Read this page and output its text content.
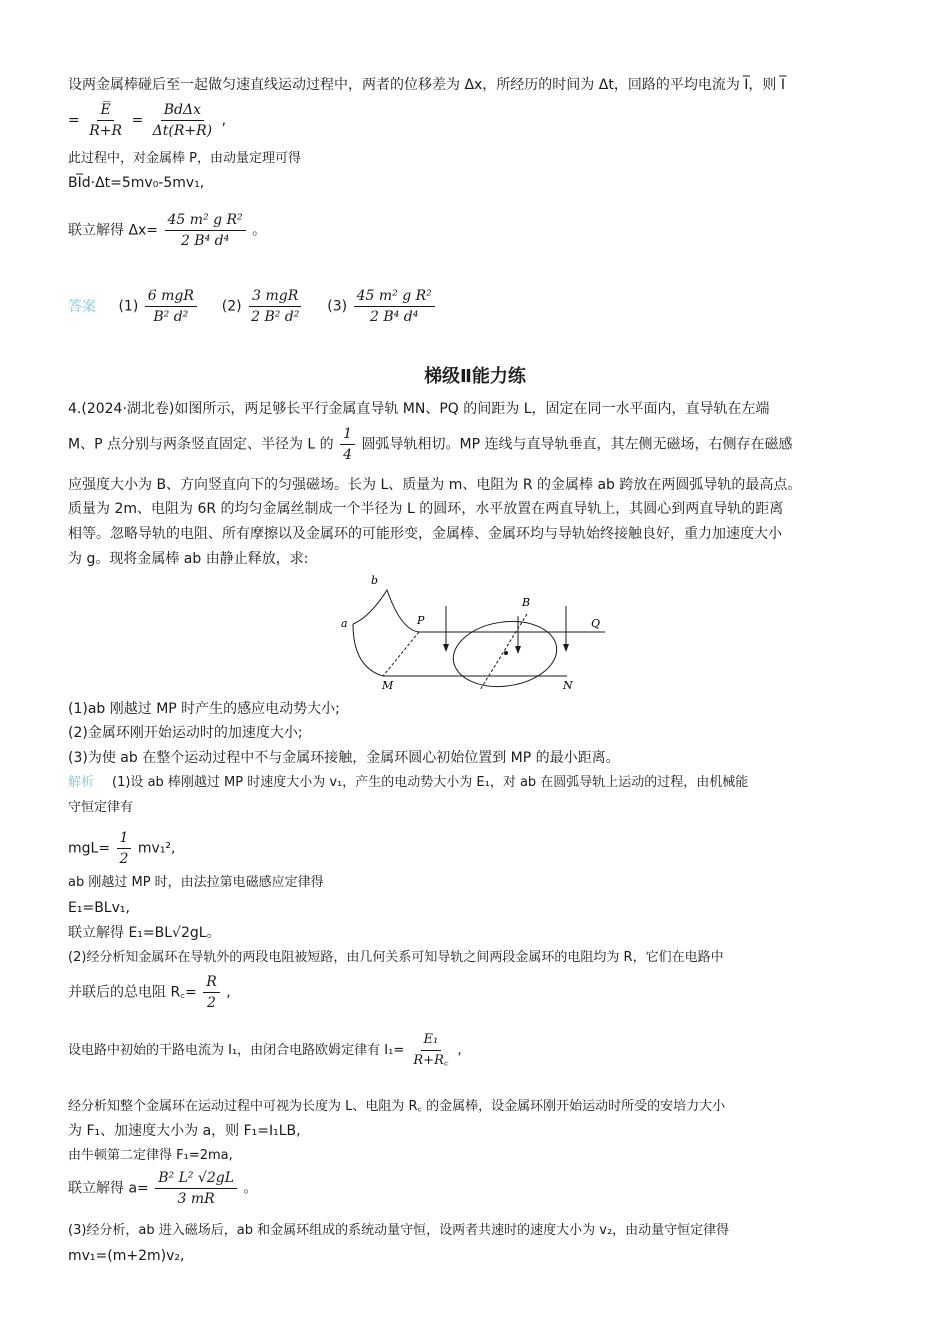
设两金属棒碰后至一起做匀速直线运动过程中，两者的位移差为 Δx，所经历的时间为 Δt，回路的平均电流为 I̅，则 I̅
= $\frac{E̅}{R+R} = \frac{\text{BdΔx}}{\Delta t(R+R)}$ ,
此过程中，对金属棒 P，由动量定理可得
BI̅d·Δt=5mv₀-5mv₁,
联立解得 $\Delta x= \frac{\text{45 m² g R²}}{\text{2 B⁴ d⁴}}$ 。
答案 $(1) \frac{\text{6 mgR}}{\text{B² d²}} (2) \frac{\text{3 mgR}}{\text{2 B² d²}} (3) \frac{\text{45 m² g R²}}{\text{2 B⁴ d⁴}}$
梯级Ⅱ能力练
4.(2024·湖北卷)如图所示，两足够长平行金属直导轨 MN、PQ 的间距为 L，固定在同一水平面内，直导轨在左端
M、P 点分别与两条竖直固定、半径为 L 的 $\frac{1}{4}$ 圆弧导轨相切。MP 连线与直导轨垂直，其左侧无磁场，右侧存在磁感
应强度大小为 B、方向竖直向下的匀强磁场。长为 L、质量为 m、电阻为 R 的金属棒 ab 跨放在两圆弧导轨的最高点。
质量为 2m、电阻为 6R 的均匀金属丝制成一个半径为 L 的圆环，水平放置在两直导轨上，其圆心到两直导轨的距离
相等。忽略导轨的电阻、所有摩擦以及金属环的可能形变，金属棒、金属环均与导轨始终接触良好，重力加速度大小
为 g。现将金属棒 ab 由静止释放，求:
a
b
P
B
Q
M	N
(1)ab 刚越过 MP 时产生的感应电动势大小;
(2)金属环刚开始运动时的加速度大小;
(3)为使 ab 在整个运动过程中不与金属环接触，金属环圆心初始位置到 MP 的最小距离。
解析 (1)设 ab 棒刚越过 MP 时速度大小为 v₁，产生的电动势大小为 E₁，对 ab 在圆弧导轨上运动的过程，由机械能
守恒定律有
$mgL= \frac{1}{2} mv_1^2$,
ab 刚越过 MP 时，由法拉第电磁感应定律得
E₁=BLv₁,
联立解得 E₁=BL√2gL。
(2)经分析知金属环在导轨外的两段电阻被短路，由几何关系可知导轨之间两段金属环的电阻均为 R，它们在电路中
并联后的总电阻 R꜀= $\frac{R}{2}$ ,
设电路中初始的干路电流为 I₁，由闭合电路欧姆定律有 $I_1= \frac{\text{E₁}}{R+R꜀}$ ,
经分析知整个金属环在运动过程中可视为长度为 L、电阻为 R꜀ 的金属棒，设金属环刚开始运动时所受的安培力大小
为 F₁、加速度大小为 a，则 F₁=I₁LB,
由牛顿第二定律得 F₁=2ma,
联立解得 $a= \frac{\text{B² L² √2gL}}{3 mR}$ 。
(3)经分析，ab 进入磁场后，ab 和金属环组成的系统动量守恒，设两者共速时的速度大小为 v₂，由动量守恒定律得
mv₁=(m+2m)v₂,
